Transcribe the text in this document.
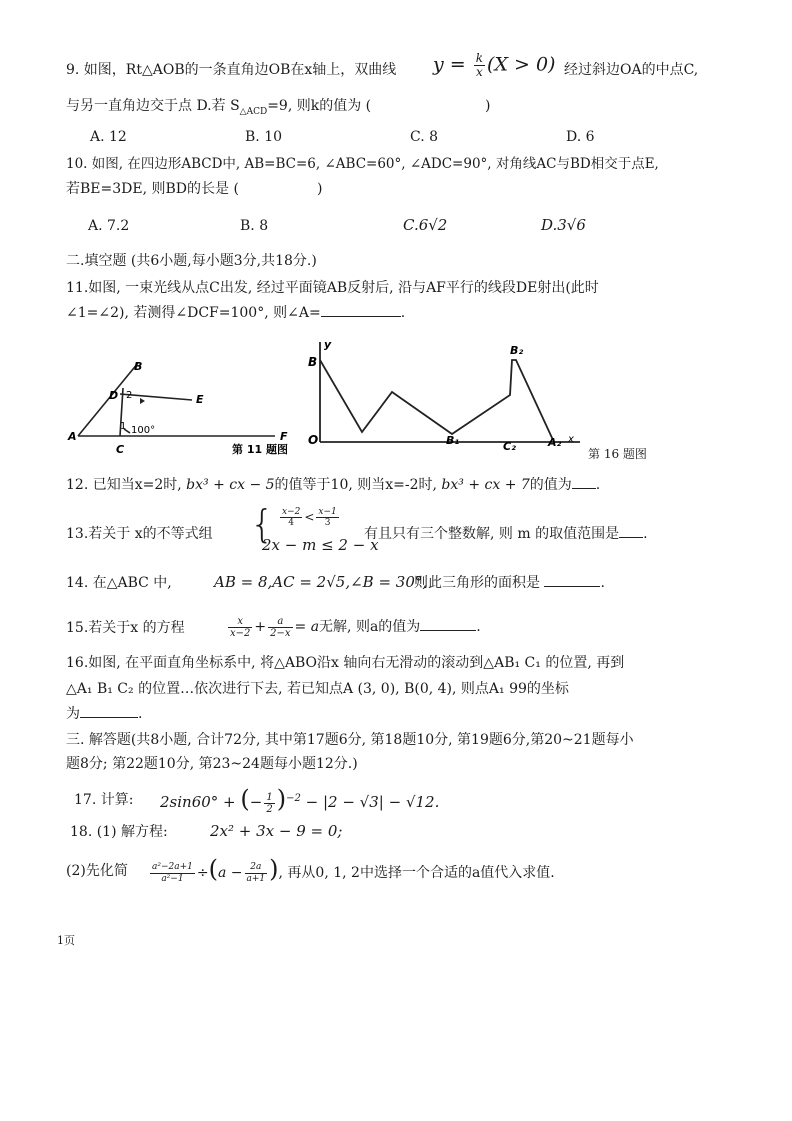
9. 如图，Rt△AOB的一条直角边OB在x轴上，双曲线 $y = \frac{k}{x} (X > 0)$ 经过斜边OA的中点C,
与另一直角边交于点 D.若 $S_{\triangle ACD}=9$, 则k的值为 (	)
A. 12	B. 10	C. 8	D. 6
10. 如图, 在四边形ABCD中, AB=BC=6, ∠ABC=60°, ∠ADC=90°, 对角线AC与BD相交于点E,
若BE=3DE, 则BD的长是 (	)
A. 7.2	B. 8	C.6√2	D.3√6
二.填空题 (共6小题,每小题3分,共18分.)
11.如图, 一束光线从点C出发, 经过平面镜AB反射后, 沿与AF平行的线段DE射出(此时
∠1=∠2), 若测得∠DCF=100°, 则∠A=	.
B
D	E
A
C
F
1
2
100°
第 11 题图
y
B
O	B₁	C₂	A₂ x
B₂
第 16 题图
12. 已知当x=2时, bx³ + cx − 5的值等于10, 则当x=-2时, bx³ + cx + 7的值为 .
13.若关于 x的不等式组 { $\frac{x-2}{4} < \frac{x-1}{3}$
2x − m ≤ 2 − x
有且只有三个整数解, 则 m 的取值范围是 .
14. 在△ABC 中,	AB = 8,AC = 2√5,∠B = 30°,
则此三角形的面积是	.
15.若关于x 的方程	$\frac{x}{x-2} + \frac{a}{2-x} = a$无解, 则a的值为	.
16.如图, 在平面直角坐标系中, 将△ABO沿x 轴向右无滑动的滚动到△AB₁ C₁ 的位置, 再到
△A₁ B₁ C₂ 的位置…依次进行下去, 若已知点A (3, 0), B(0, 4), 则点A₁ 99的坐标
为	.
三. 解答题(共8小题, 合计72分, 其中第17题6分, 第18题10分, 第19题6分,第20~21题每小
题8分; 第22题10分, 第23~24题每小题12分.)
17. 计算: 2sin60° + (− $\frac{1}{2} )^{-2} - |2 - √3| - √12$.
18. (1) 解方程:	2x² + 3x − 9 = 0;
(2)先化简 $\frac{\text{a²−2a+1}}{\text{a²−1}} \div(a - \frac{2a}{a+1}$ ), 再从0, 1, 2中选择一个合适的a值代入求值.
1页
